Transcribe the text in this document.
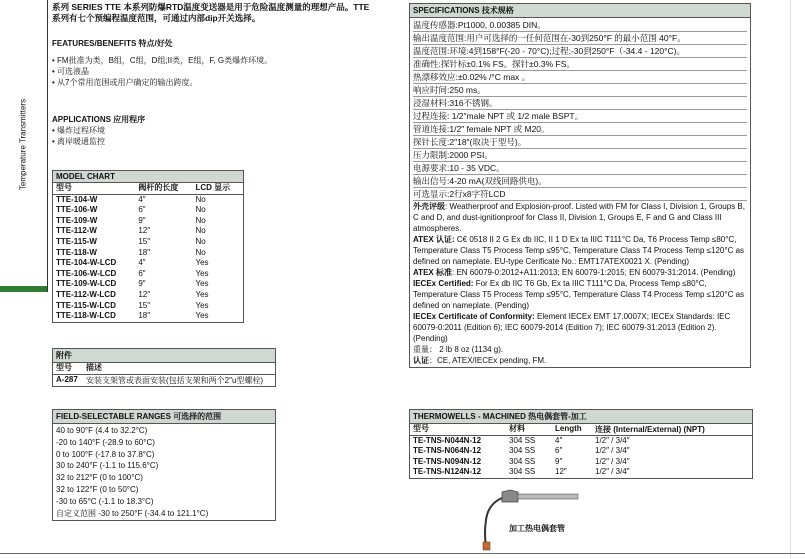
Temperature Transmitters
系列 SERIES TTE 本系列防爆RTD温度变送器是用于危险温度测量的理想产品。TTE
系列有七个预编程温度范围，可通过内部dip开关选择。
FEATURES/BENEFITS 特点/好处
• FM批准为类，B组，C组，D组;II类，E组，F, G类爆炸环境。
• 可选液晶
• 从7个常用范围或用户确定的输出跨度。
APPLICATIONS 应用程序
• 爆炸过程环境
• 离岸暖通监控
MODEL CHART
型号	阀杆的长度	LCD 显示
TTE-104-W	4″	No
TTE-106-W	6″	No
TTE-109-W	9″	No
TTE-112-W	12″	No
TTE-115-W	15″	No
TTE-118-W	18″	No
TTE-104-W-LCD	4″	Yes
TTE-106-W-LCD	6″	Yes
TTE-109-W-LCD	9″	Yes
TTE-112-W-LCD	12″	Yes
TTE-115-W-LCD	15″	Yes
TTE-118-W-LCD	18″	Yes
附件
型号	描述
A-287	安装支架管或表面安装(包括支架和两个2″u型螺栓)
FIELD-SELECTABLE RANGES 可选择的范围
40 to 90°F (4.4 to 32.2°C)
-20 to 140°F (-28.9 to 60°C)
0 to 100°F (-17.8 to 37.8°C)
30 to 240°F (-1.1 to 115.6°C)
32 to 212°F (0 to 100°C)
32 to 122°F (0 to 50°C)
-30 to 65°C (-1.1 to 18.3°C)
自定义范围 -30 to 250°F (-34.4 to 121.1°C)
SPECIFICATIONS 技术规格
温度传感器:Pt1000, 0.00385 DIN。
输出温度范围:用户可选择的一任何范围在-30到250°F 的最小范围 40°F。
温度范围:环境:4到158°F(-20 - 70°C);过程:-30到250°F（-34.4 - 120°C)。
准确性:探针标±0.1% FS。探针±0.3% FS。
热漂移效应:±0.02% /°C max 。
响应时间:250 ms。
浸湿材料:316不锈钢。
过程连接: 1/2″male NPT 或 1/2 male BSPT。
管道连接:1/2″ female NPT 或 M20。
探针长度:2″18″(取决于型号)。
压力限制:2000 PSI。
电源要求:10 - 35 VDC。
输出信号:4-20 mA(双线回路供电)。
可选显示:2行x8字符LCD
外壳评级: Weatherproof and Explosion-proof. Listed with FM for Class I, Division 1, Groups B, C and D, and dust-ignitionproof for Class II, Division 1, Groups E, F and G and Class III atmospheres.
ATEX 认证: C€ 0518 II 2 G Ex db IIC, II 1 D Ex ta IIIC T111°C Da, T6 Process Temp ≤80°C, Temperature Class T5 Process Temp ≤95°C, Temperature Class T4 Process Temp ≤120°C as defined on nameplate. EU-type Cerificate No.: EMT17ATEX0021 X. (Pending)
ATEX 标准: EN 60079-0:2012+A11:2013; EN 60079-1:2015; EN 60079-31:2014. (Pending)
IECEx Certified: For Ex db IIC T6 Gb, Ex ta IIIC T111°C Da, Process Temp ≤80°C, Temperature Class T5 Process Temp ≤95°C, Temperature Class T4 Process Temp ≤120°C as defined on nameplate. (Pending)
IECEx Certificate of Conformity: Element IECEx EMT 17.0007X; IECEx Standards: IEC 60079-0:2011 (Edition 6); IEC 60079-2014 (Edition 7); IEC 60079-31:2013 (Edition 2). (Pending)
重量： 2 lb 8 oz (1134 g).
认证：CE, ATEX/IECEx pending, FM.
THERMOWELLS - MACHINED 热电偶套管-加工
型号	材料	Length	连接 (Internal/External) (NPT)
TE-TNS-N044N-12	304 SS	4″	1/2″ / 3/4″
TE-TNS-N064N-12	304 SS	6″	1/2″ / 3/4″
TE-TNS-N094N-12	304 SS	9″	1/2″ / 3/4″
TE-TNS-N124N-12	304 SS	12″	1/2″ / 3/4″
加工热电偶套管
